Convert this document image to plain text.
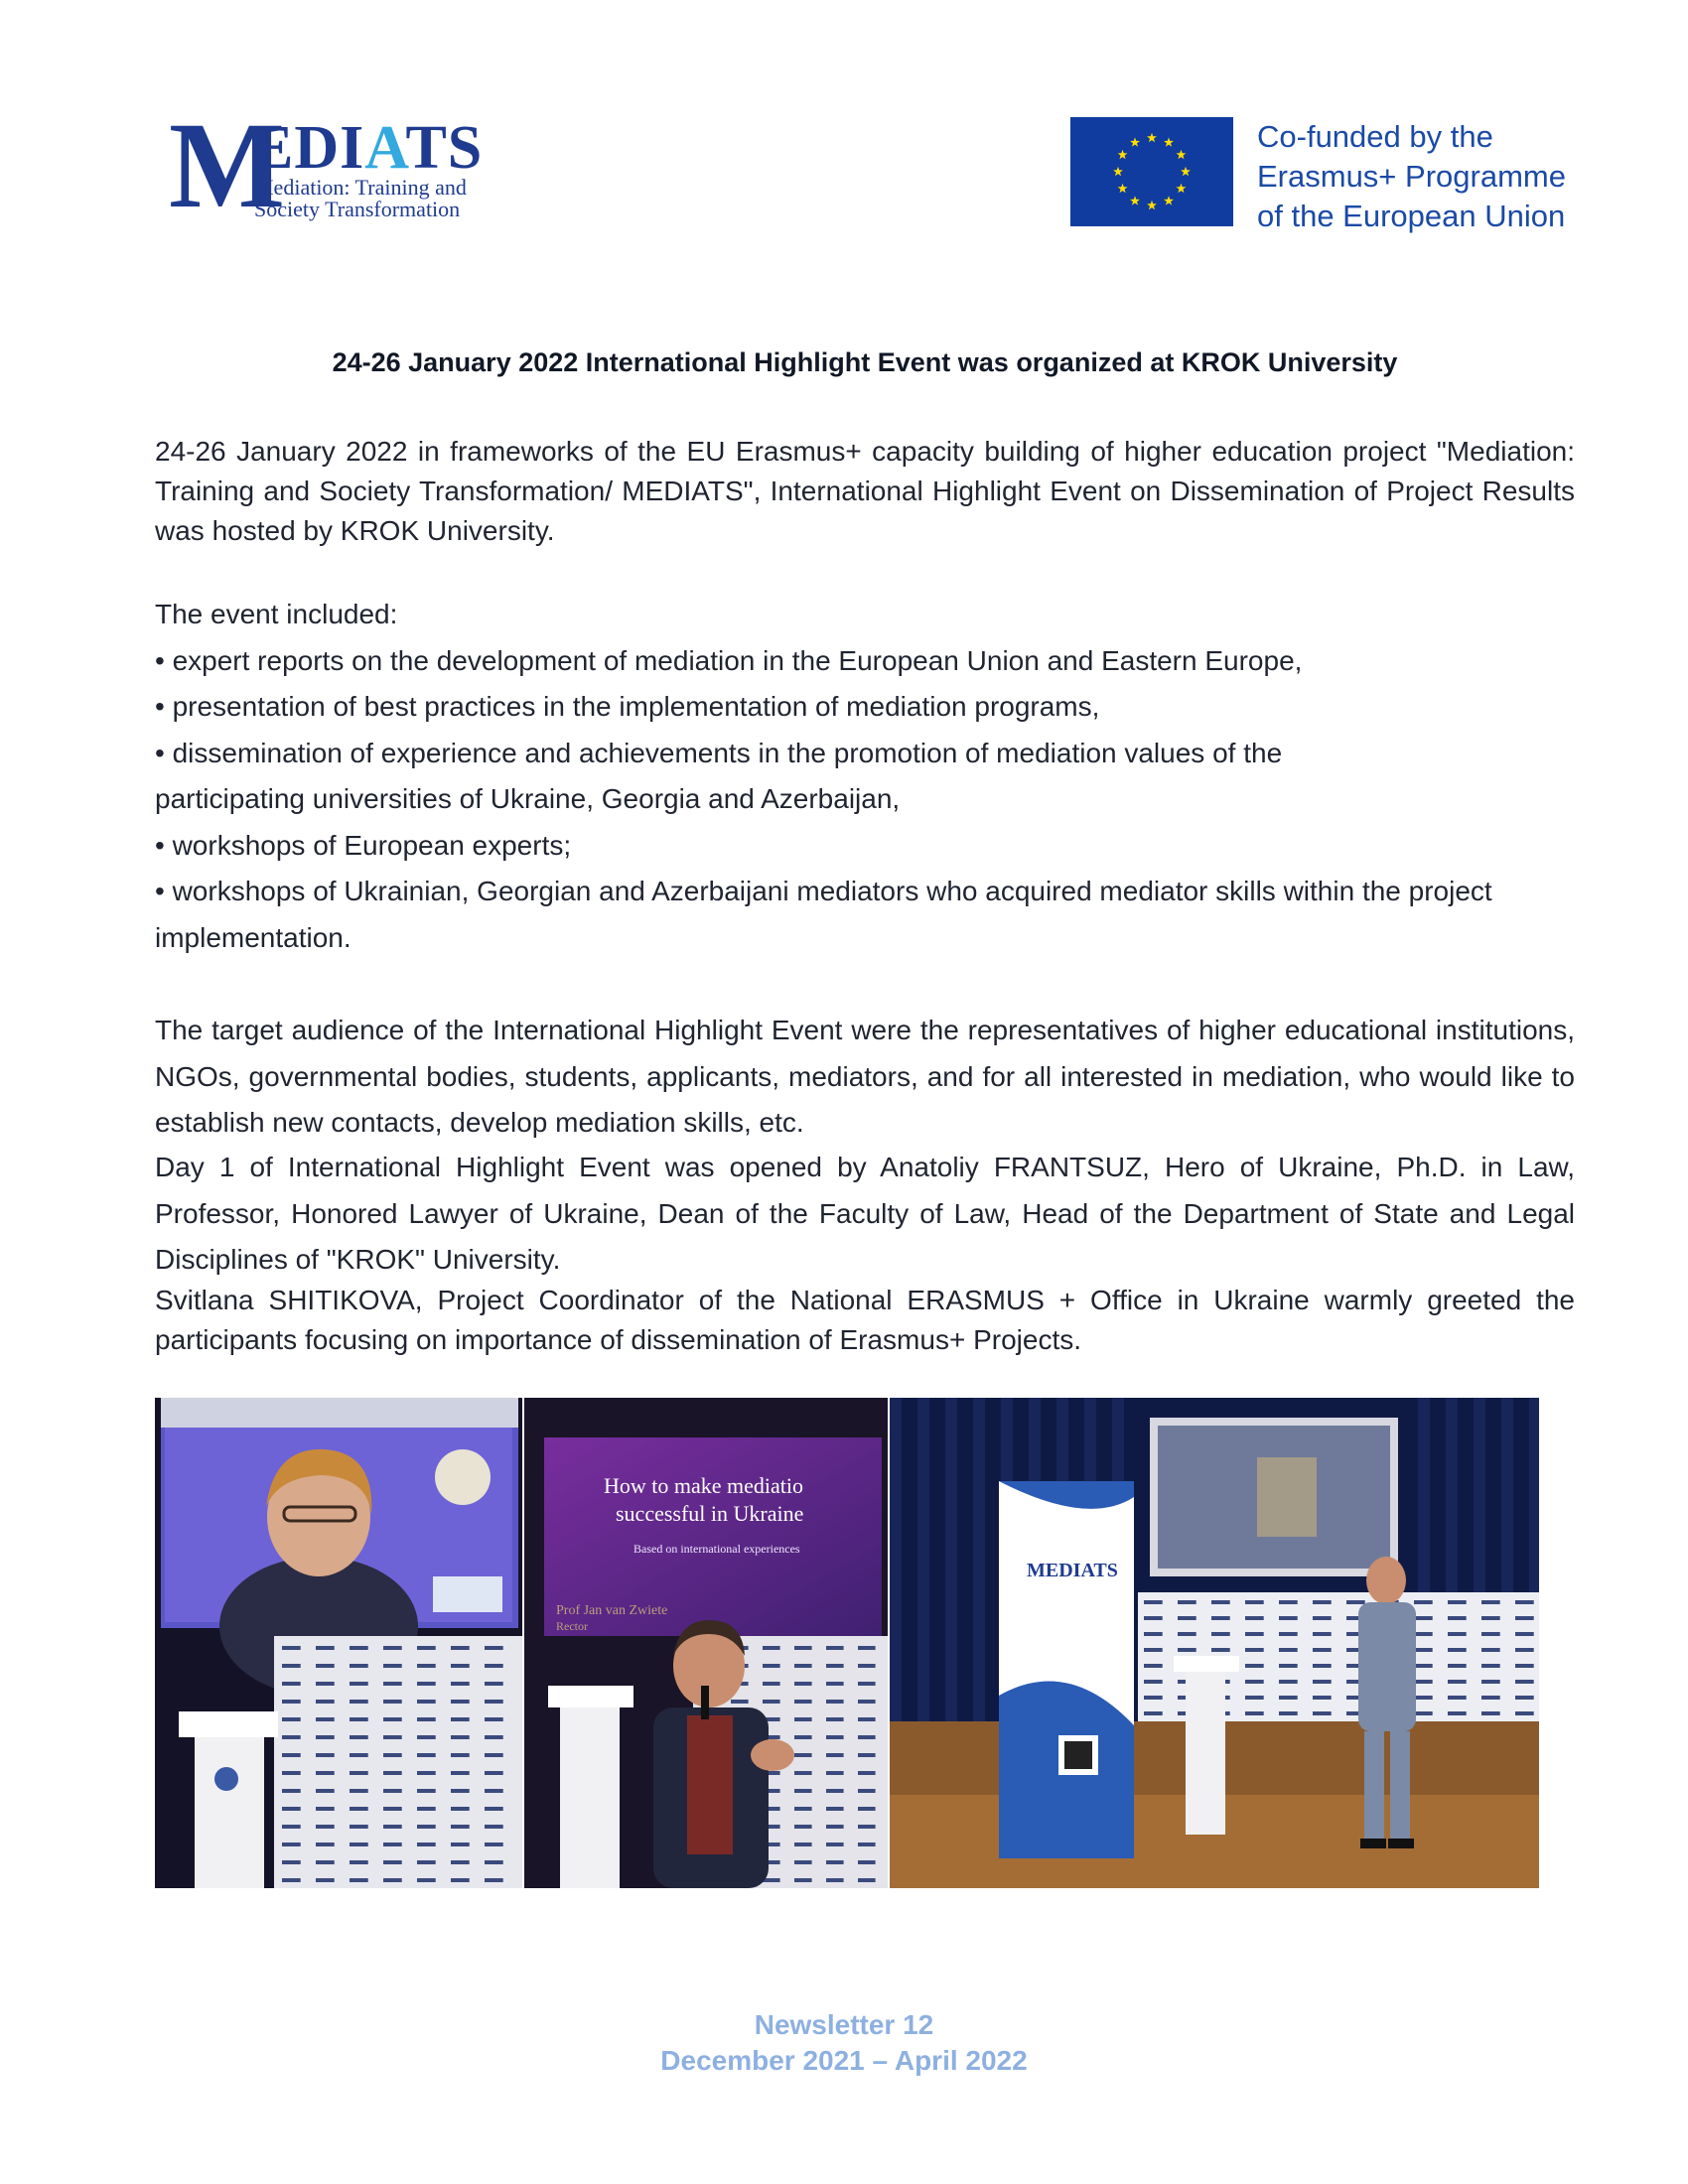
M
EDIATS
Mediation: Training and
Society Transformation
Co-funded by the
Erasmus+ Programme
of the European Union
24-26 January 2022 International Highlight Event was organized at KROK University
24-26 January 2022 in frameworks of the EU Erasmus+ capacity building of higher education project "Mediation: Training and Society Transformation/ MEDIATS", International Highlight Event on Dissemination of Project Results was hosted by KROK University.
The event included:
• expert reports on the development of mediation in the European Union and Eastern Europe,
• presentation of best practices in the implementation of mediation programs,
• dissemination of experience and achievements in the promotion of mediation values of the participating universities of Ukraine, Georgia and Azerbaijan,
• workshops of European experts;
• workshops of Ukrainian, Georgian and Azerbaijani mediators who acquired mediator skills within the project implementation.
The target audience of the International Highlight Event were the representatives of higher educational institutions, NGOs, governmental bodies, students, applicants, mediators, and for all interested in mediation, who would like to establish new contacts, develop mediation skills, etc.
Day 1 of International Highlight Event was opened by Anatoliy FRANTSUZ, Hero of Ukraine, Ph.D. in Law, Professor, Honored Lawyer of Ukraine, Dean of the Faculty of Law, Head of the Department of State and Legal Disciplines of "KROK" University.
Svitlana SHITIKOVA, Project Coordinator of the National ERASMUS + Office in Ukraine warmly greeted the participants focusing on importance of dissemination of Erasmus+ Projects.
How to make mediatio successful in Ukraine
Based on international experiences
Prof Jan van Zwiete
Rector
MEDIATS
Newsletter 12
December 2021 – April 2022
